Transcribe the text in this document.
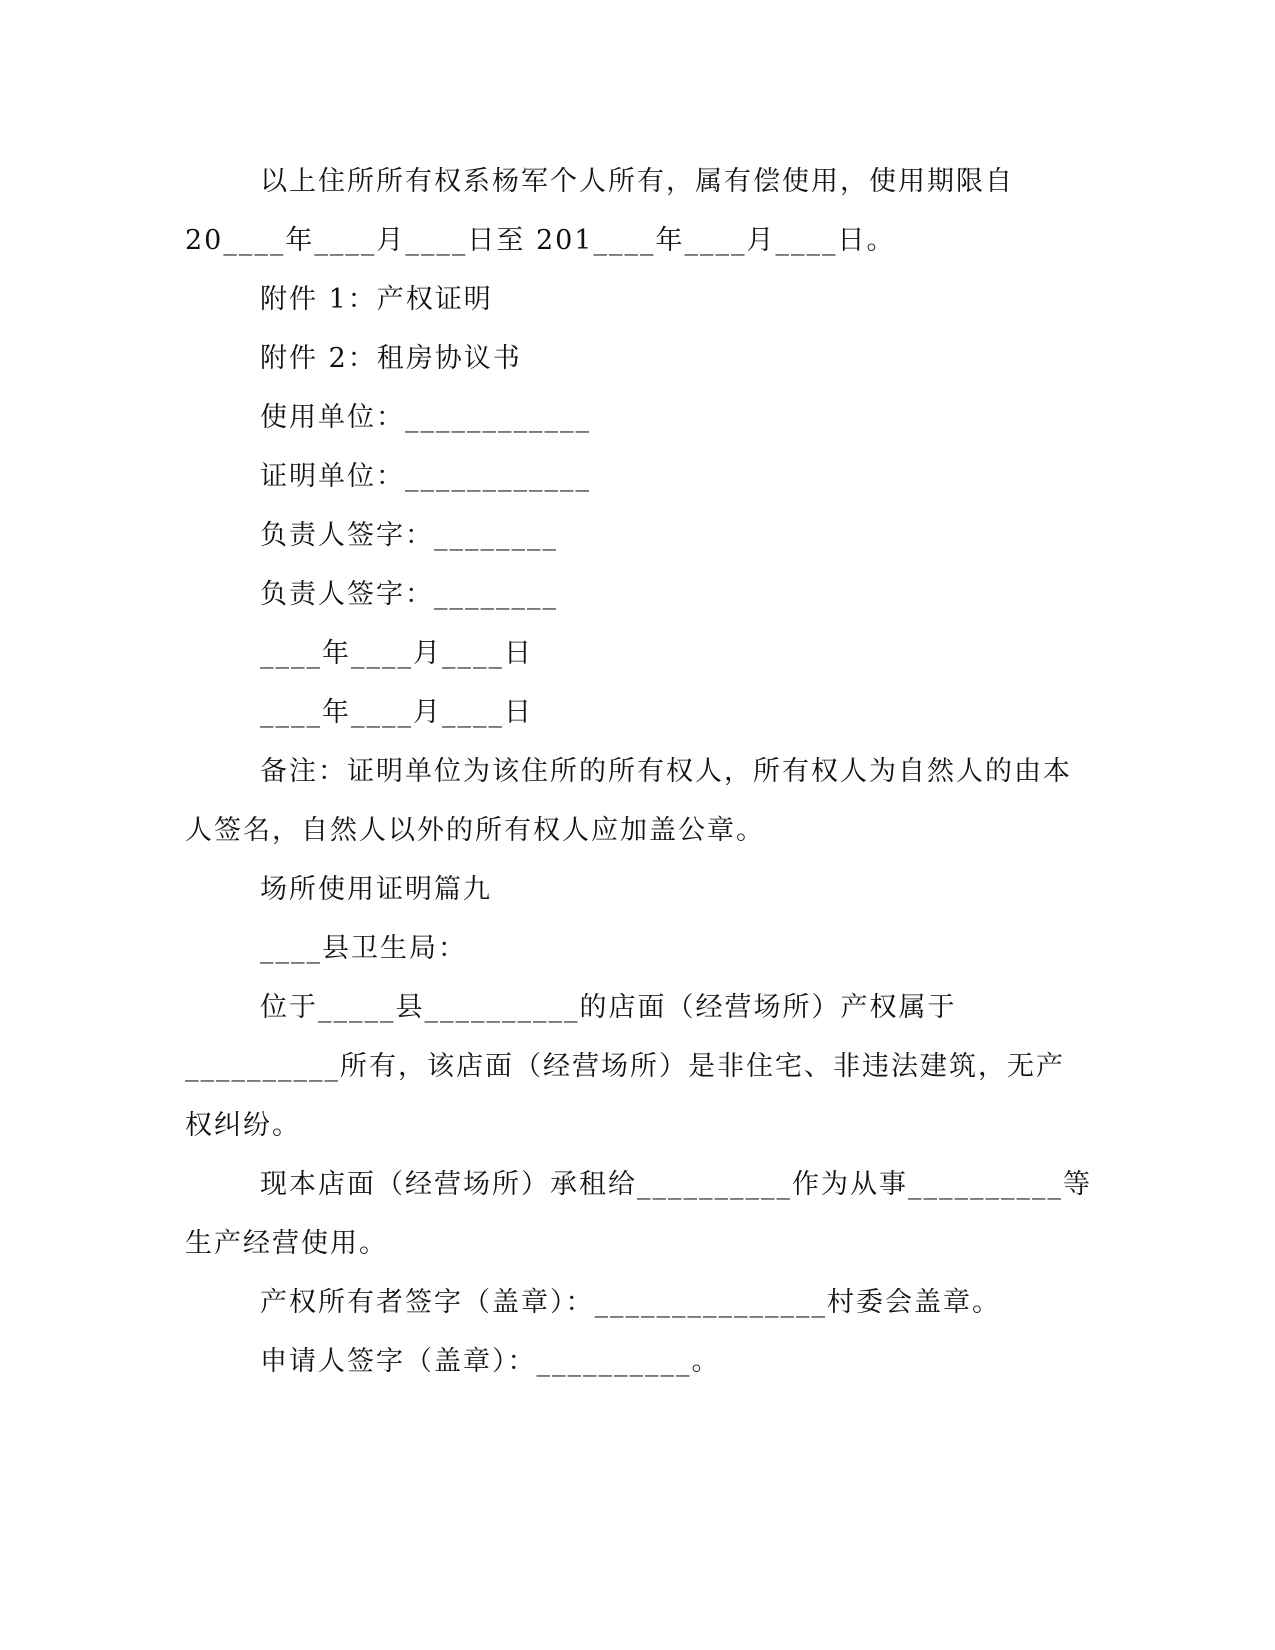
以上住所所有权系杨军个人所有，属有偿使用，使用期限自
20____年____月____日至 201____年____月____日。
附件 1：产权证明
附件 2：租房协议书
使用单位：____________
证明单位：____________
负责人签字：________
负责人签字：________
____年____月____日
____年____月____日
备注：证明单位为该住所的所有权人，所有权人为自然人的由本
人签名，自然人以外的所有权人应加盖公章。
场所使用证明篇九
____县卫生局：
位于_____县__________的店面（经营场所）产权属于
__________所有，该店面（经营场所）是非住宅、非违法建筑，无产
权纠纷。
现本店面（经营场所）承租给__________作为从事__________等
生产经营使用。
产权所有者签字（盖章）：_______________村委会盖章。
申请人签字（盖章）：__________。
